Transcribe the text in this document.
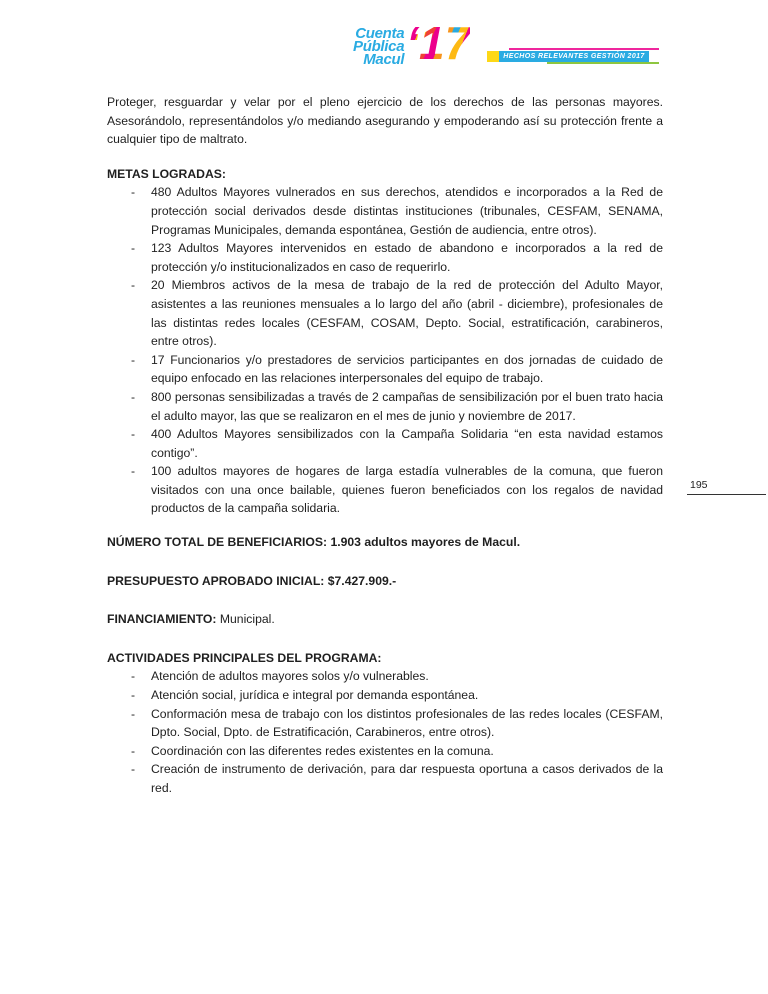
Cuenta
Pública
Macul ‘17	HECHOS RELEVANTES GESTIÓN 2017
195

Proteger, resguardar y velar por el pleno ejercicio de los derechos de las personas mayores. Asesorándolo, representándolos y/o mediando asegurando y empoderando así su protección frente a cualquier tipo de maltrato.

METAS LOGRADAS:

- 480 Adultos Mayores vulnerados en sus derechos, atendidos e incorporados a la Red de protección social derivados desde distintas instituciones (tribunales, CESFAM, SENAMA, Programas Municipales, demanda espontánea, Gestión de audiencia, entre otros).
- 123 Adultos Mayores intervenidos en estado de abandono e incorporados a la red de protección y/o institucionalizados en caso de requerirlo.
- 20 Miembros activos de la mesa de trabajo de la red de protección del Adulto Mayor, asistentes a las reuniones mensuales a lo largo del año (abril - diciembre), profesionales de las distintas redes locales (CESFAM, COSAM, Depto. Social, estratificación, carabineros, entre otros).
- 17 Funcionarios y/o prestadores de servicios participantes en dos jornadas de cuidado de equipo enfocado en las relaciones interpersonales del equipo de trabajo.
- 800 personas sensibilizadas a través de 2 campañas de sensibilización por el buen trato hacia el adulto mayor, las que se realizaron en el mes de junio y noviembre de 2017.
- 400 Adultos Mayores sensibilizados con la Campaña Solidaria “en esta navidad estamos contigo”.
- 100 adultos mayores de hogares de larga estadía vulnerables de la comuna, que fueron visitados con una once bailable, quienes fueron beneficiados con los regalos de navidad productos de la campaña solidaria.

NÚMERO TOTAL DE BENEFICIARIOS: 1.903 adultos mayores de Macul.

PRESUPUESTO APROBADO INICIAL: $7.427.909.-

FINANCIAMIENTO: Municipal.

ACTIVIDADES PRINCIPALES DEL PROGRAMA:

- Atención de adultos mayores solos y/o vulnerables.
- Atención social, jurídica e integral por demanda espontánea.
- Conformación mesa de trabajo con los distintos profesionales de las redes locales (CESFAM, Dpto. Social, Dpto. de Estratificación, Carabineros, entre otros).
- Coordinación con las diferentes redes existentes en la comuna.
- Creación de instrumento de derivación, para dar respuesta oportuna a casos derivados de la red.
